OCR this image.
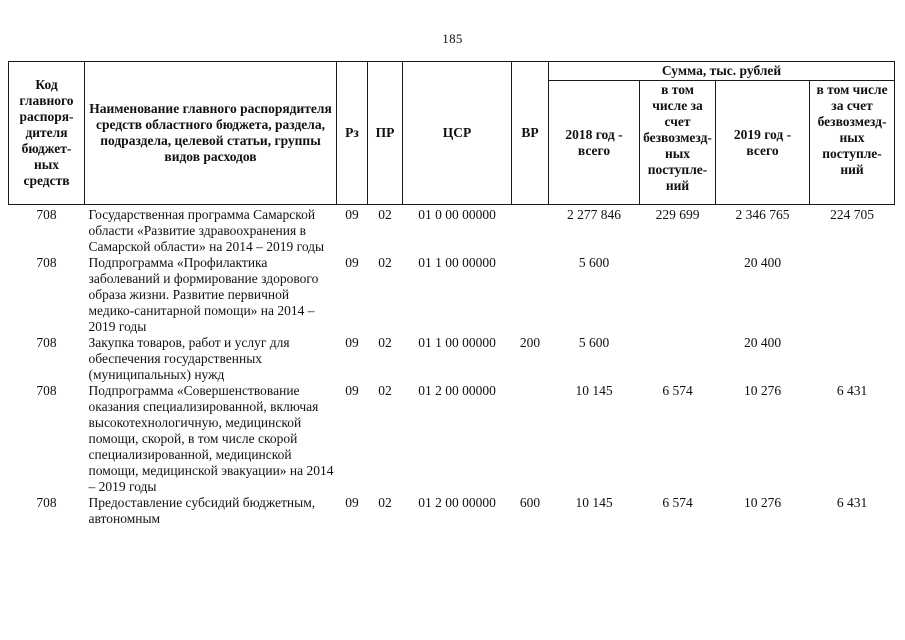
185
Код главного распоря-дителя бюджет-ных средств	Наименование главного распорядителя средств областного бюджета, раздела, подраздела, целевой статьи, группы видов расходов	Рз	ПР	ЦСР	ВР	Сумма, тыс. рублей			
						2018 год - всего	в том числе за счет безвозмезд-ных поступле-ний	2019 год - всего	в том числе за счет безвозмезд-ных поступле-ний
708	Государственная программа Самарской области «Развитие здравоохранения в Самарской области» на 2014 – 2019 годы	09	02	01 0 00 00000		2 277 846	229 699	2 346 765	224 705
708	Подпрограмма «Профилактика заболеваний и формирование здорового образа жизни. Развитие первичной медико-санитарной помощи» на 2014 – 2019 годы	09	02	01 1 00 00000		5 600		20 400	
708	Закупка товаров, работ и услуг для обеспечения государственных (муниципальных) нужд	09	02	01 1 00 00000	200	5 600		20 400	
708	Подпрограмма «Совершенствование оказания специализированной, включая высокотехнологичную, медицинской помощи, скорой, в том числе скорой специализированной, медицинской помощи, медицинской эвакуации» на 2014 – 2019 годы	09	02	01 2 00 00000		10 145	6 574	10 276	6 431
708	Предоставление субсидий бюджетным, автономным	09	02	01 2 00 00000	600	10 145	6 574	10 276	6 431
